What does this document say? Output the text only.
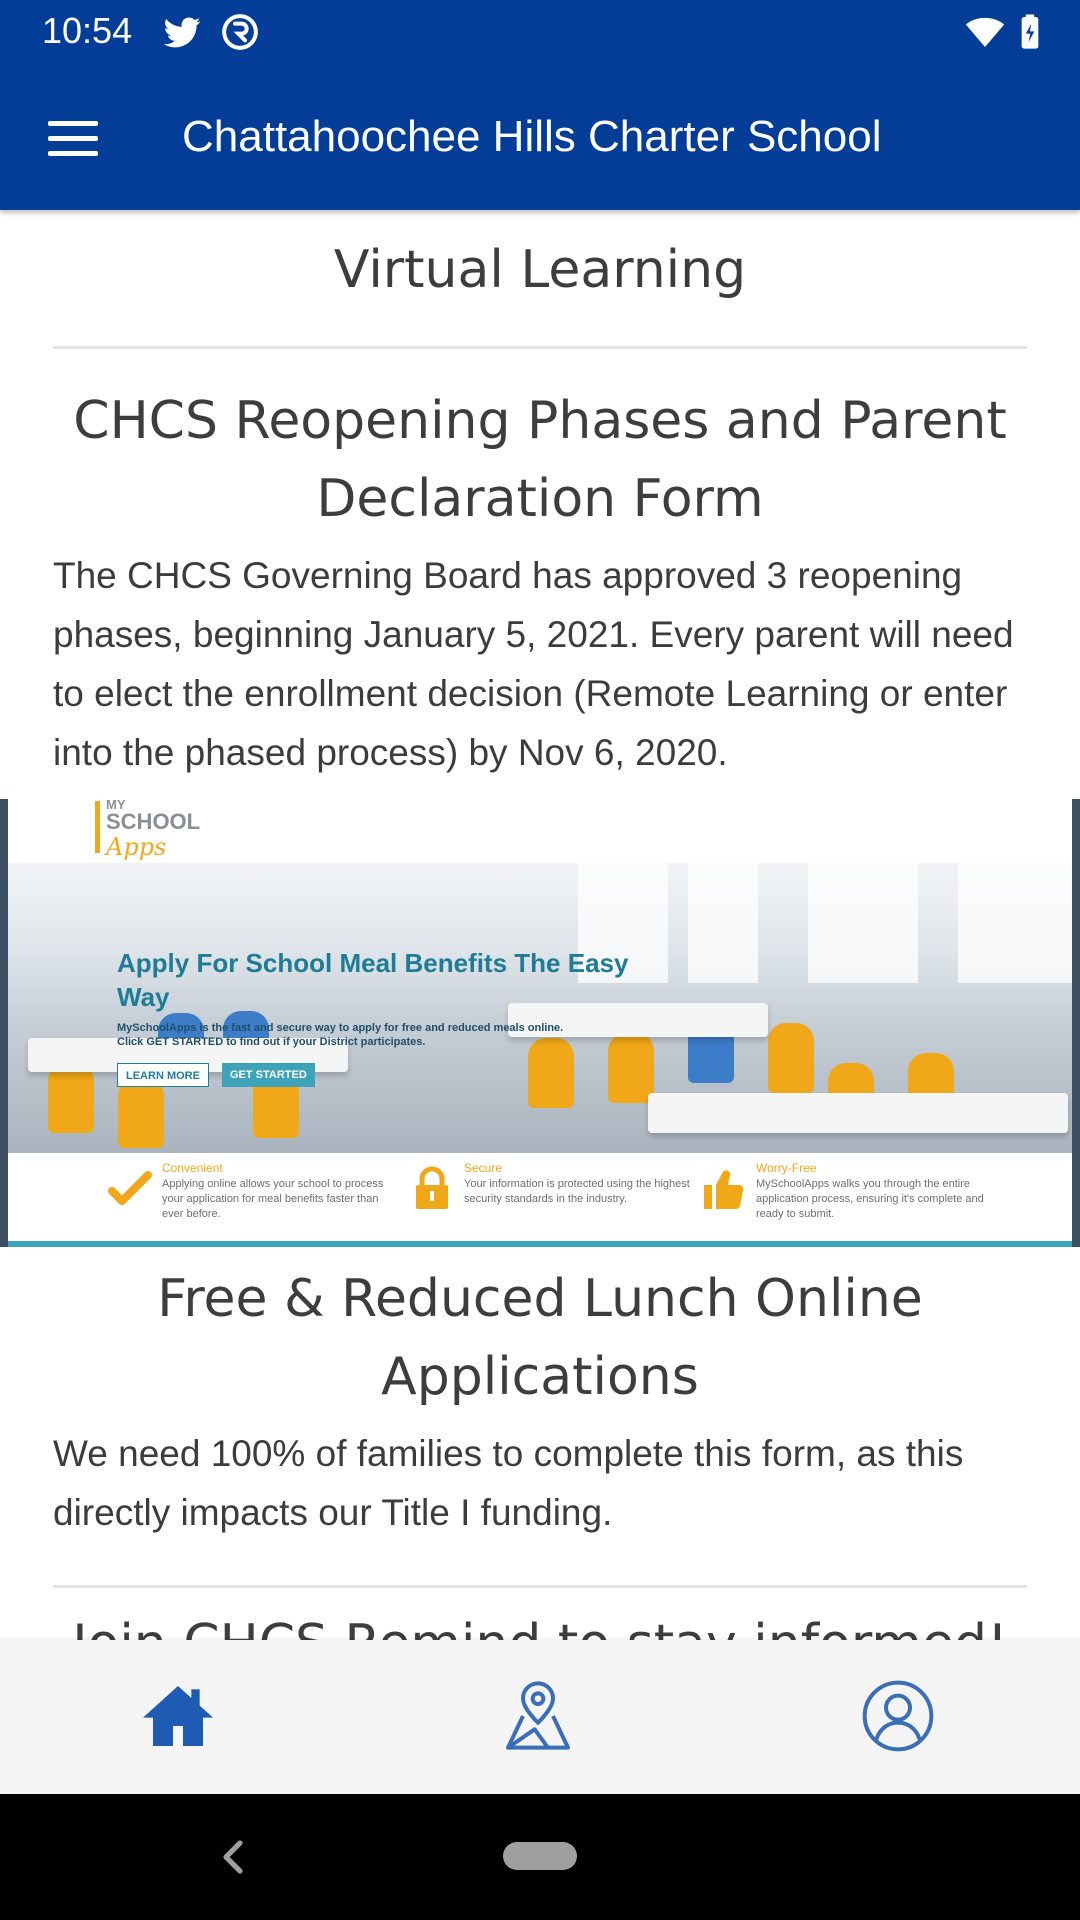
10:54
Chattahoochee Hills Charter School
Virtual Learning
CHCS Reopening Phases and Parent Declaration Form

The CHCS Governing Board has approved 3 reopening phases, beginning January 5, 2021. Every parent will need to elect the enrollment decision (Remote Learning or enter into the phased process) by Nov 6, 2020.

MY
SCHOOL
Apps
Apply For School Meal Benefits The Easy Way
MySchoolApps is the fast and secure way to apply for free and reduced meals online. Click GET STARTED to find out if your District participates.
LEARN MORE	GET STARTED
Convenient
Applying online allows your school to process your application for meal benefits faster than ever before.
Secure
Your information is protected using the highest security standards in the industry.
Worry-Free
MySchoolApps walks you through the entire application process, ensuring it's complete and ready to submit.
Free & Reduced Lunch Online Applications

We need 100% of families to complete this form, as this directly impacts our Title I funding.
